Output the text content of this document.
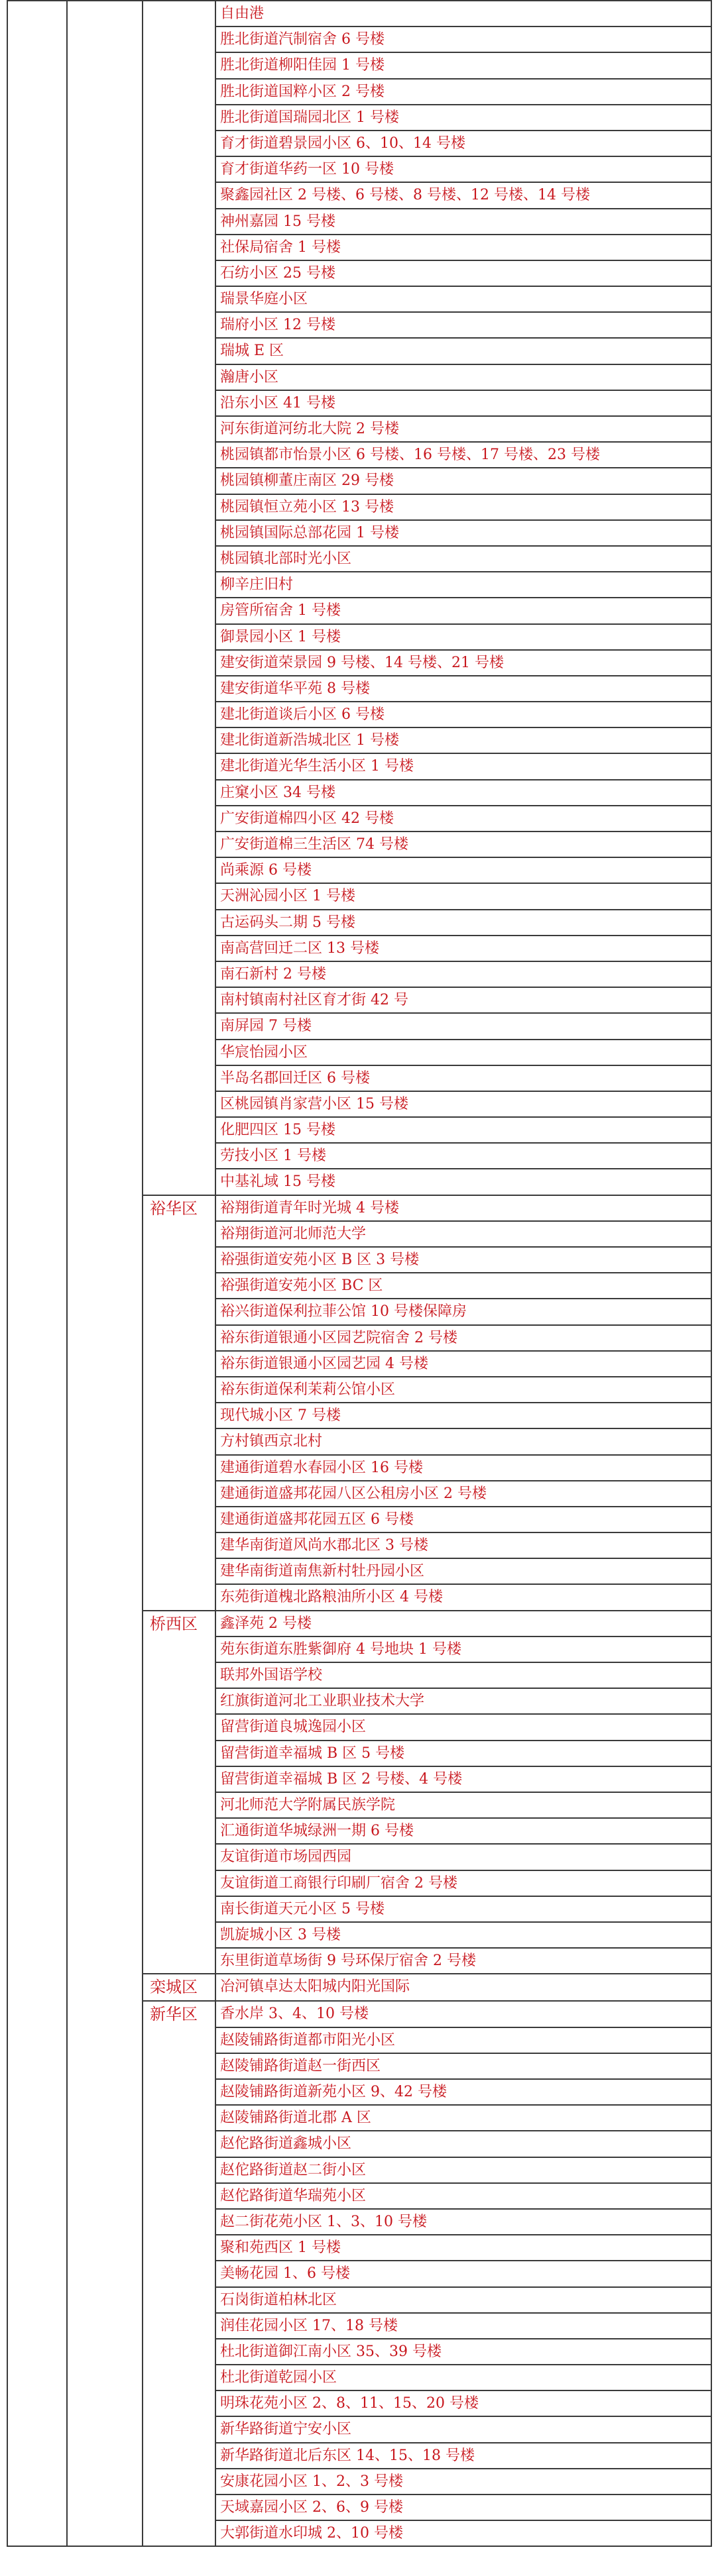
			自由港
			胜北街道汽制宿舍 6 号楼
			胜北街道柳阳佳园 1 号楼
			胜北街道国粹小区 2 号楼
			胜北街道国瑞园北区 1 号楼
			育才街道碧景园小区 6、10、14 号楼
			育才街道华药一区 10 号楼
			聚鑫园社区 2 号楼、6 号楼、8 号楼、12 号楼、14 号楼
			神州嘉园 15 号楼
			社保局宿舍 1 号楼
			石纺小区 25 号楼
			瑞景华庭小区
			瑞府小区 12 号楼
			瑞城 E 区
			瀚唐小区
			沿东小区 41 号楼
			河东街道河纺北大院 2 号楼
			桃园镇都市怡景小区 6 号楼、16 号楼、17 号楼、23 号楼
			桃园镇柳董庄南区 29 号楼
			桃园镇恒立苑小区 13 号楼
			桃园镇国际总部花园 1 号楼
			桃园镇北部时光小区
			柳辛庄旧村
			房管所宿舍 1 号楼
			御景园小区 1 号楼
			建安街道荣景园 9 号楼、14 号楼、21 号楼
			建安街道华平苑 8 号楼
			建北街道谈后小区 6 号楼
			建北街道新浩城北区 1 号楼
			建北街道光华生活小区 1 号楼
			庄窠小区 34 号楼
			广安街道棉四小区 42 号楼
			广安街道棉三生活区 74 号楼
			尚乘源 6 号楼
			天洲沁园小区 1 号楼
			古运码头二期 5 号楼
			南高营回迁二区 13 号楼
			南石新村 2 号楼
			南村镇南村社区育才街 42 号
			南屏园 7 号楼
			华宸怡园小区
			半岛名郡回迁区 6 号楼
			区桃园镇肖家营小区 15 号楼
			化肥四区 15 号楼
			劳技小区 1 号楼
			中基礼域 15 号楼
		裕华区	裕翔街道青年时光城 4 号楼
			裕翔街道河北师范大学
			裕强街道安苑小区 B 区 3 号楼
			裕强街道安苑小区 BC 区
			裕兴街道保利拉菲公馆 10 号楼保障房
			裕东街道银通小区园艺院宿舍 2 号楼
			裕东街道银通小区园艺园 4 号楼
			裕东街道保利茉莉公馆小区
			现代城小区 7 号楼
			方村镇西京北村
			建通街道碧水春园小区 16 号楼
			建通街道盛邦花园八区公租房小区 2 号楼
			建通街道盛邦花园五区 6 号楼
			建华南街道风尚水郡北区 3 号楼
			建华南街道南焦新村牡丹园小区
			东苑街道槐北路粮油所小区 4 号楼
		桥西区	鑫泽苑 2 号楼
			苑东街道东胜紫御府 4 号地块 1 号楼
			联邦外国语学校
			红旗街道河北工业职业技术大学
			留营街道良城逸园小区
			留营街道幸福城 B 区 5 号楼
			留营街道幸福城 B 区 2 号楼、4 号楼
			河北师范大学附属民族学院
			汇通街道华城绿洲一期 6 号楼
			友谊街道市场园西园
			友谊街道工商银行印刷厂宿舍 2 号楼
			南长街道天元小区 5 号楼
			凯旋城小区 3 号楼
			东里街道草场街 9 号环保厅宿舍 2 号楼
		栾城区	冶河镇卓达太阳城内阳光国际
		新华区	香水岸 3、4、10 号楼
			赵陵铺路街道都市阳光小区
			赵陵铺路街道赵一街西区
			赵陵铺路街道新苑小区 9、42 号楼
			赵陵铺路街道北郡 A 区
			赵佗路街道鑫城小区
			赵佗路街道赵二街小区
			赵佗路街道华瑞苑小区
			赵二街花苑小区 1、3、10 号楼
			聚和苑西区 1 号楼
			美畅花园 1、6 号楼
			石岗街道柏林北区
			润佳花园小区 17、18 号楼
			杜北街道御江南小区 35、39 号楼
			杜北街道乾园小区
			明珠花苑小区 2、8、11、15、20 号楼
			新华路街道宁安小区
			新华路街道北后东区 14、15、18 号楼
			安康花园小区 1、2、3 号楼
			天域嘉园小区 2、6、9 号楼
			大郭街道水印城 2、10 号楼
